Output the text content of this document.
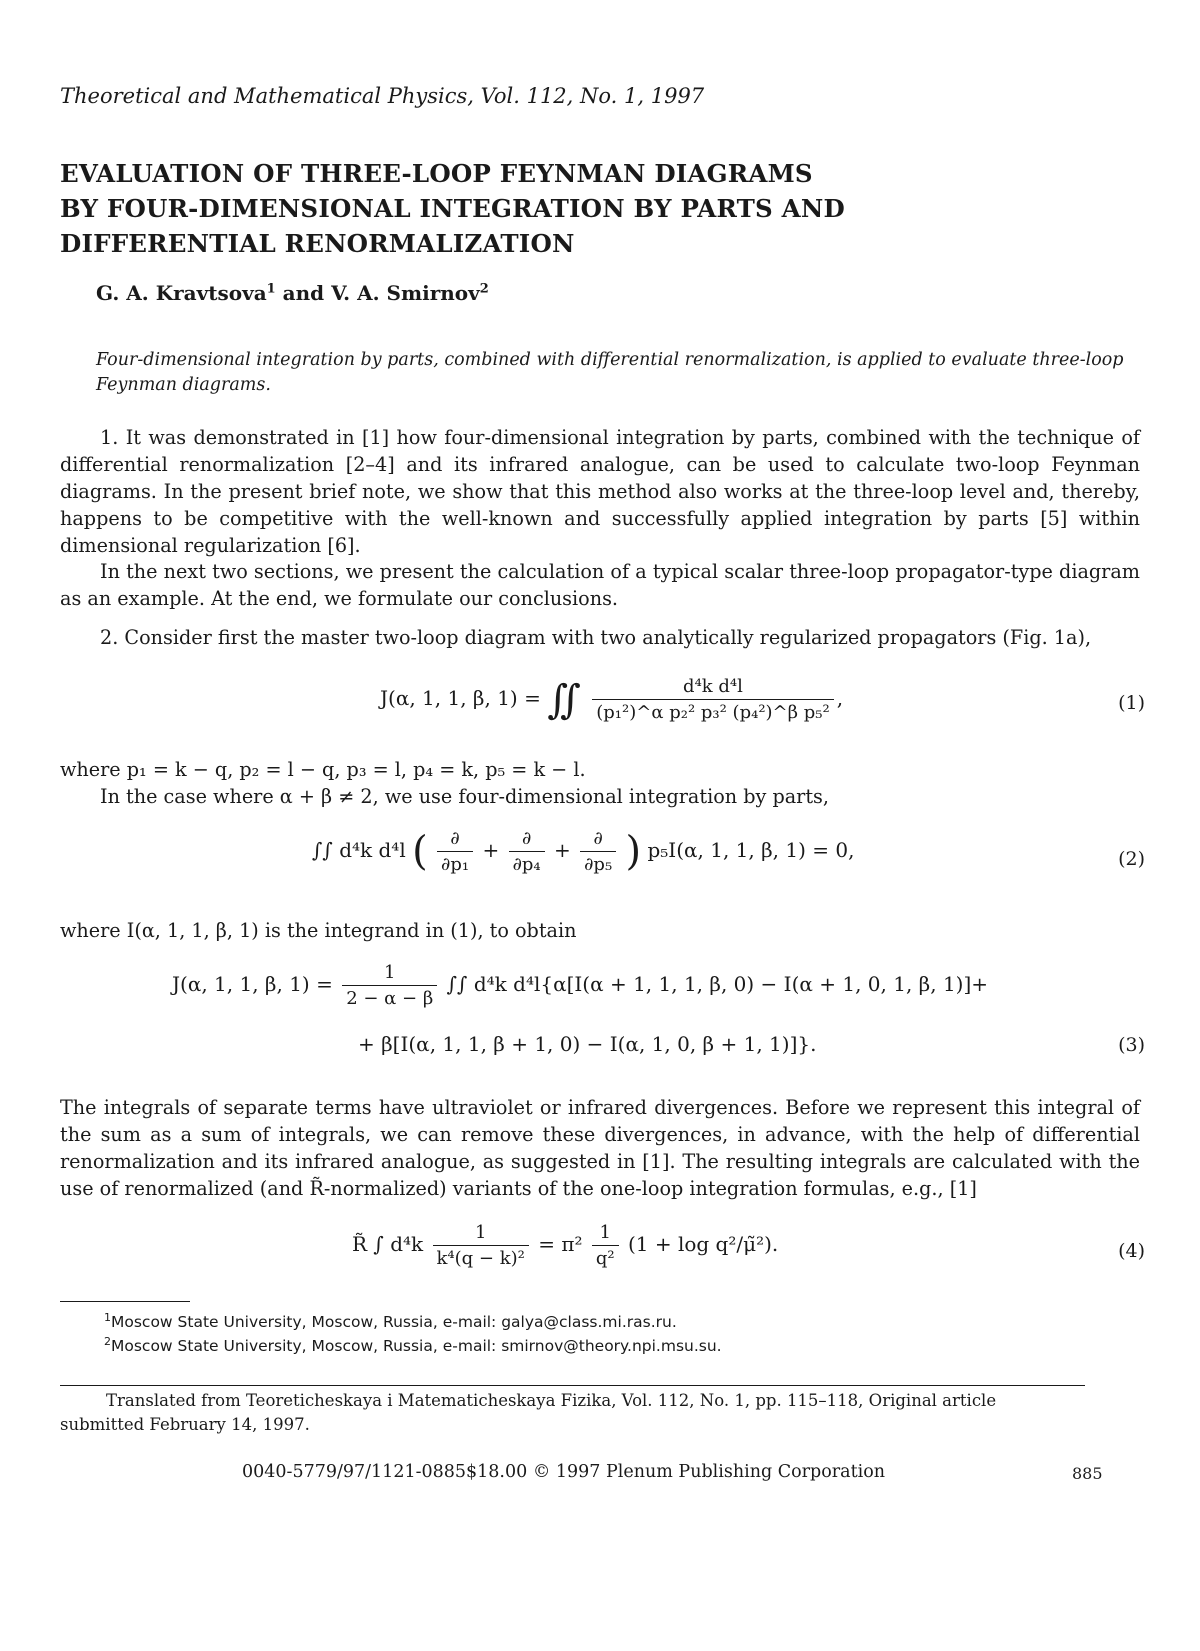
Theoretical and Mathematical Physics, Vol. 112, No. 1, 1997
EVALUATION OF THREE-LOOP FEYNMAN DIAGRAMS
BY FOUR-DIMENSIONAL INTEGRATION BY PARTS AND
DIFFERENTIAL RENORMALIZATION
G. A. Kravtsova$^1$ and V. A. Smirnov$^2$
Four-dimensional integration by parts, combined with differential renormalization, is applied to evaluate three-loop Feynman diagrams.
1. It was demonstrated in [1] how four-dimensional integration by parts, combined with the technique of differential renormalization [2–4] and its infrared analogue, can be used to calculate two-loop Feynman diagrams. In the present brief note, we show that this method also works at the three-loop level and, thereby, happens to be competitive with the well-known and successfully applied integration by parts [5] within dimensional regularization [6].
In the next two sections, we present the calculation of a typical scalar three-loop propagator-type diagram as an example. At the end, we formulate our conclusions.
2. Consider first the master two-loop diagram with two analytically regularized propagators (Fig. 1a),
J(α, 1, 1, β, 1) = ∫∫ $\frac{\text{d⁴k d⁴l}}{\text{(p₁²)\textasciicircum{}α p₂² p₃² (p₄²)\textasciicircum{}β p₅²}}$ ,	(1)
where p₁ = k − q, p₂ = l − q, p₃ = l, p₄ = k, p₅ = k − l.
In the case where α + β ≠ 2, we use four-dimensional integration by parts,
∫∫ d⁴k d⁴l ( $\frac{\partial}{\text{∂p₁}} + \frac{\partial}{\text{∂p₄}} + \frac{\partial}{\text{∂p₅}}$ ) p₅I(α, 1, 1, β, 1) = 0,	(2)
where I(α, 1, 1, β, 1) is the integrand in (1), to obtain
J(α, 1, 1, β, $1) = \frac{1}{2 - \alpha - \beta}$ ∫∫ d⁴k d⁴l{α[I(α + 1, 1, 1, β, 0) − I(α + 1, 0, 1, β, 1)]+
+ β[I(α, 1, 1, β + 1, 0) − I(α, 1, 0, β + 1, 1)]}.	(3)
The integrals of separate terms have ultraviolet or infrared divergences. Before we represent this integral of the sum as a sum of integrals, we can remove these divergences, in advance, with the help of differential renormalization and its infrared analogue, as suggested in [1]. The resulting integrals are calculated with the use of renormalized (and R̃-normalized) variants of the one-loop integration formulas, e.g., [1]
R̃ ∫ $d^4k \frac{1}{\text{k⁴(q − k)²}} = \pi^2 \frac{1}{\text{q²}} (1 + \log$ q²/μ̃²).	(4)
$^1$Moscow State University, Moscow, Russia, e-mail: galya@class.mi.ras.ru.
$^2$Moscow State University, Moscow, Russia, e-mail: smirnov@theory.npi.msu.su.
Translated from Teoreticheskaya i Matematicheskaya Fizika, Vol. 112, No. 1, pp. 115–118, Original article submitted February 14, 1997.
0040-5779/97/1121-0885$18.00 © 1997 Plenum Publishing Corporation	885
